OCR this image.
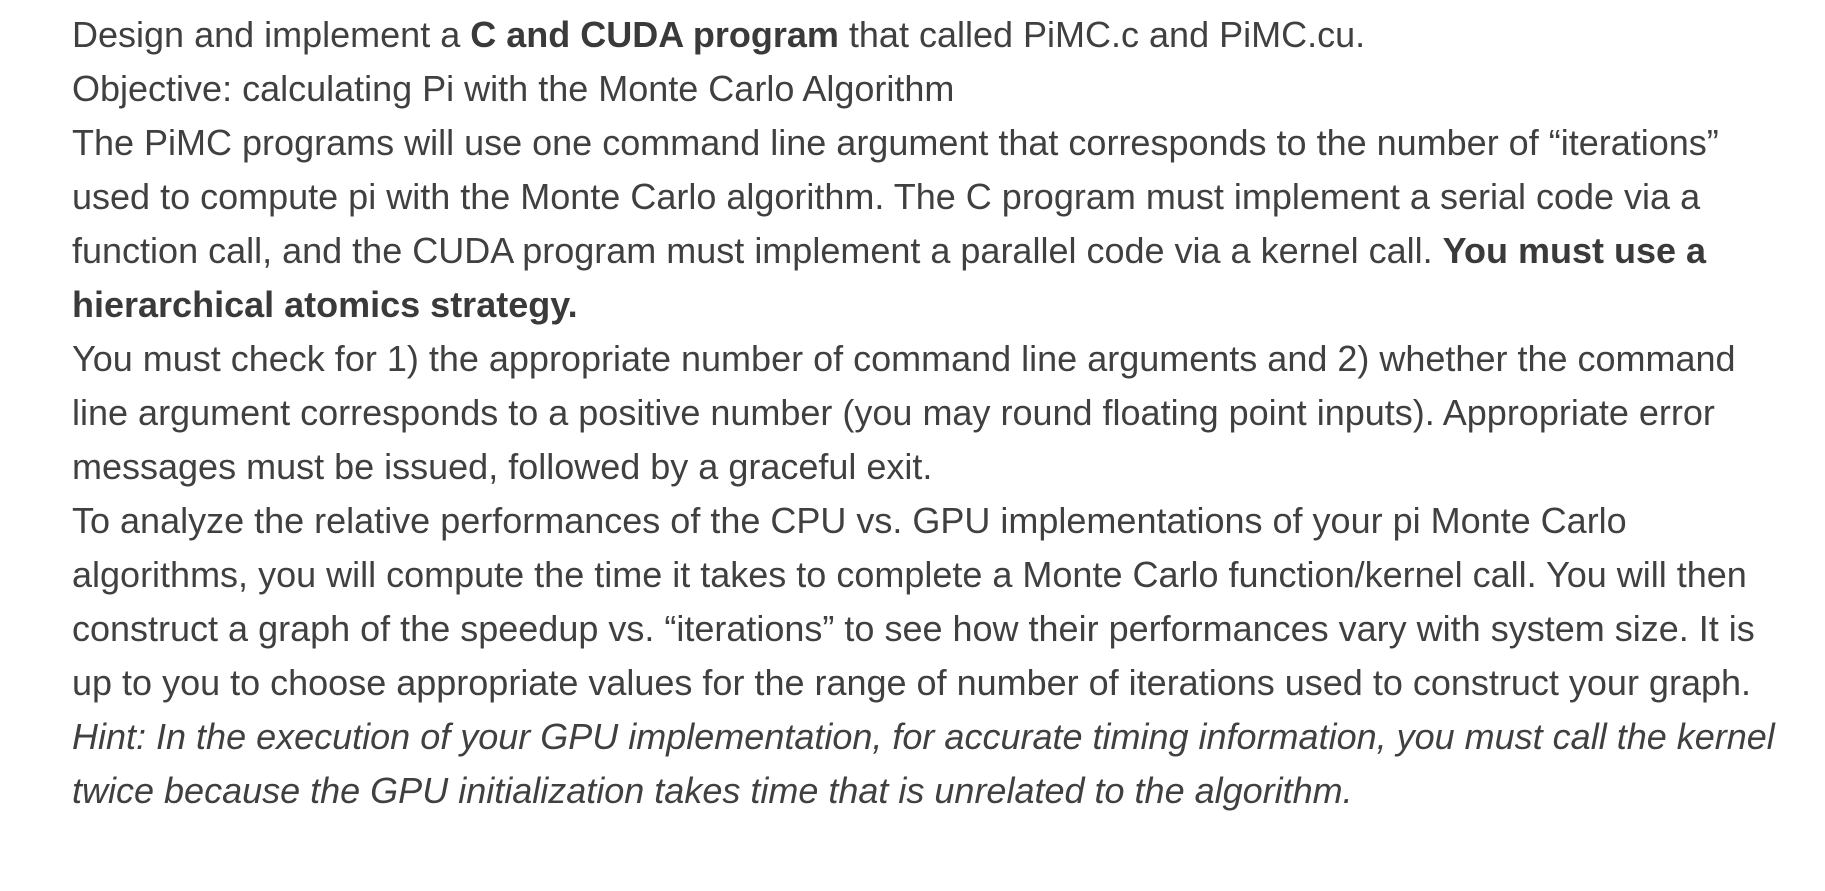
Design and implement a C and CUDA program that called PiMC.c and PiMC.cu.

Objective: calculating Pi with the Monte Carlo Algorithm

The PiMC programs will use one command line argument that corresponds to the number of “iterations” used to compute pi with the Monte Carlo algorithm. The C program must implement a serial code via a function call, and the CUDA program must implement a parallel code via a kernel call. You must use a hierarchical atomics strategy.

You must check for 1) the appropriate number of command line arguments and 2) whether the command line argument corresponds to a positive number (you may round floating point inputs). Appropriate error messages must be issued, followed by a graceful exit.

To analyze the relative performances of the CPU vs. GPU implementations of your pi Monte Carlo algorithms, you will compute the time it takes to complete a Monte Carlo function/kernel call. You will then construct a graph of the speedup vs. “iterations” to see how their performances vary with system size. It is up to you to choose appropriate values for the range of number of iterations used to construct your graph.

Hint: In the execution of your GPU implementation, for accurate timing information, you must call the kernel twice because the GPU initialization takes time that is unrelated to the algorithm.
